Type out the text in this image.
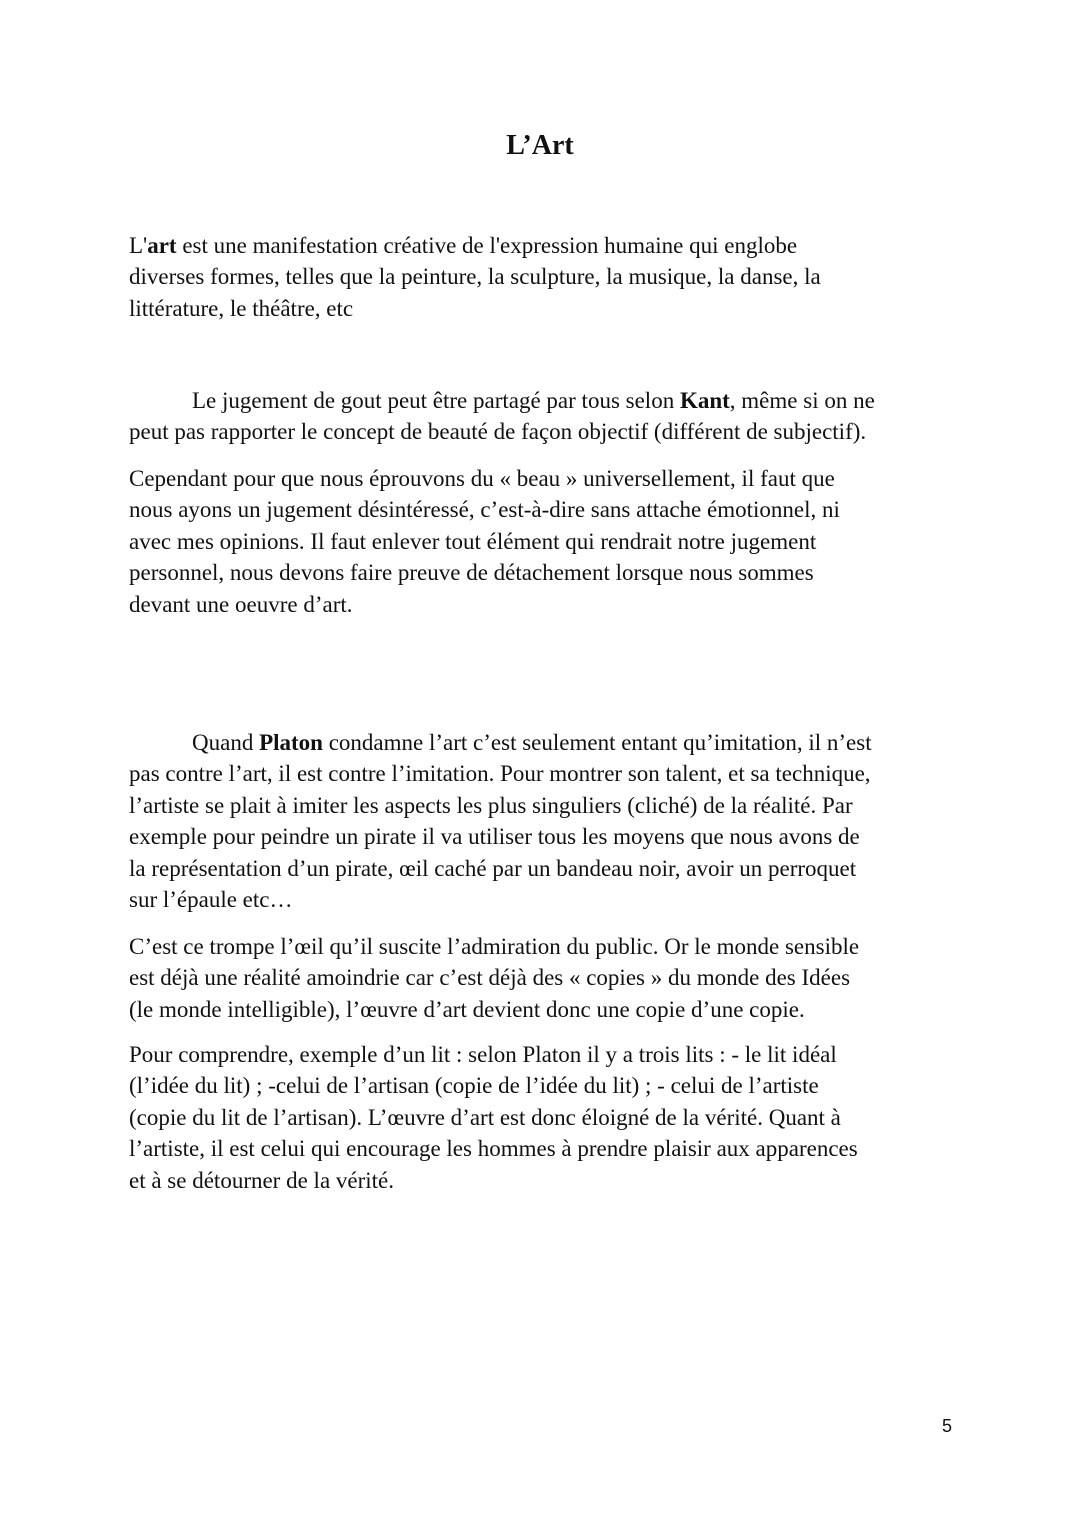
L’Art

L'art est une manifestation créative de l'expression humaine qui englobe
diverses formes, telles que la peinture, la sculpture, la musique, la danse, la
littérature, le théâtre, etc

Le jugement de gout peut être partagé par tous selon Kant, même si on ne
peut pas rapporter le concept de beauté de façon objectif (différent de subjectif).

Cependant pour que nous éprouvons du « beau » universellement, il faut que
nous ayons un jugement désintéressé, c’est-à-dire sans attache émotionnel, ni
avec mes opinions. Il faut enlever tout élément qui rendrait notre jugement
personnel, nous devons faire preuve de détachement lorsque nous sommes
devant une oeuvre d’art.

Quand Platon condamne l’art c’est seulement entant qu’imitation, il n’est
pas contre l’art, il est contre l’imitation. Pour montrer son talent, et sa technique,
l’artiste se plait à imiter les aspects les plus singuliers (cliché) de la réalité. Par
exemple pour peindre un pirate il va utiliser tous les moyens que nous avons de
la représentation d’un pirate, œil caché par un bandeau noir, avoir un perroquet
sur l’épaule etc…

C’est ce trompe l’œil qu’il suscite l’admiration du public. Or le monde sensible
est déjà une réalité amoindrie car c’est déjà des « copies » du monde des Idées
(le monde intelligible), l’œuvre d’art devient donc une copie d’une copie.

Pour comprendre, exemple d’un lit : selon Platon il y a trois lits : - le lit idéal
(l’idée du lit) ; -celui de l’artisan (copie de l’idée du lit) ; - celui de l’artiste
(copie du lit de l’artisan). L’œuvre d’art est donc éloigné de la vérité. Quant à
l’artiste, il est celui qui encourage les hommes à prendre plaisir aux apparences
et à se détourner de la vérité.

5
